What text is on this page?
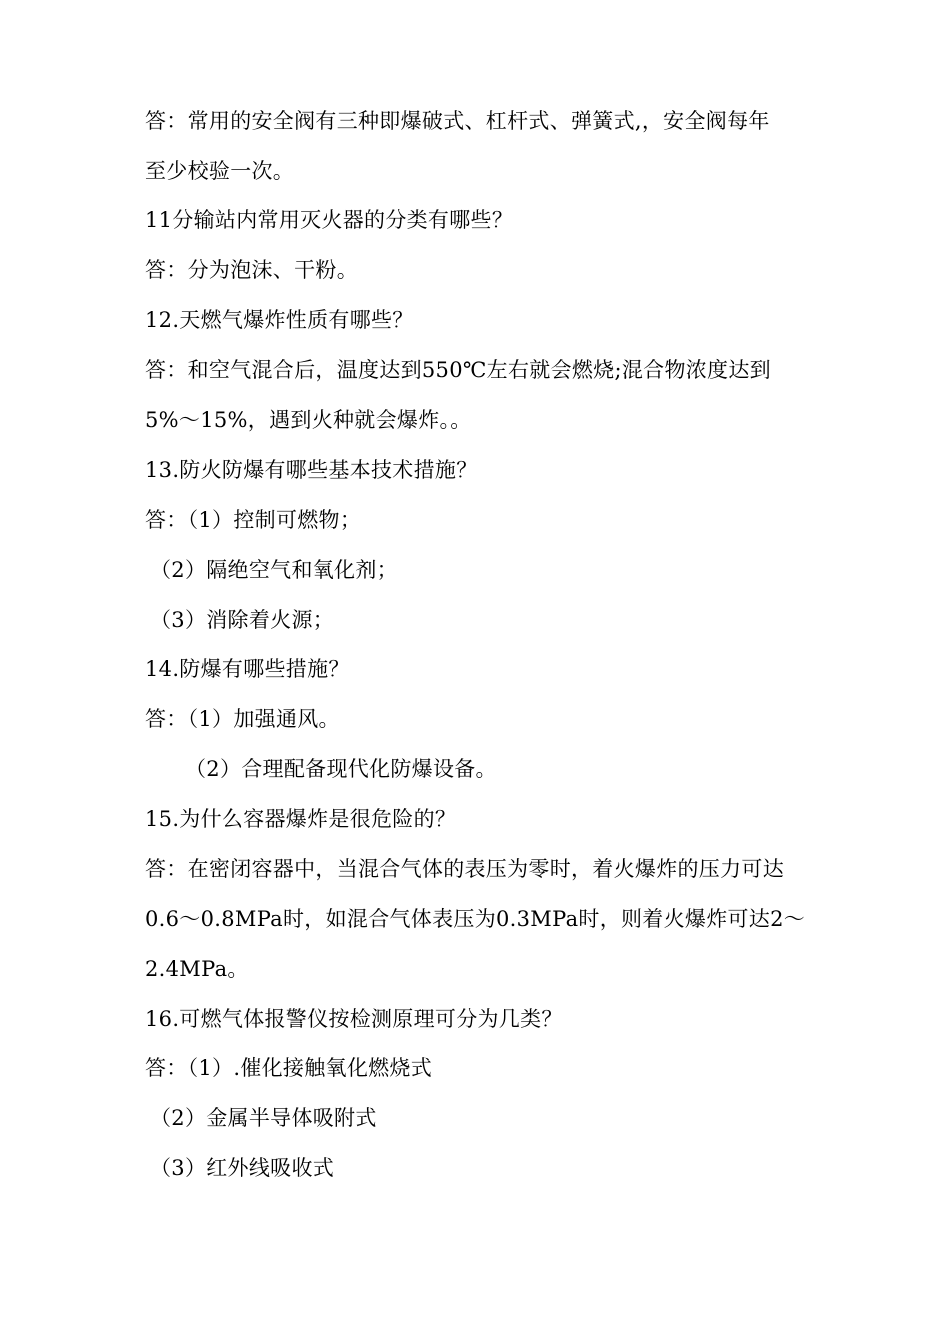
答：常用的安全阀有三种即爆破式、杠杆式、弹簧式,，安全阀每年
至少校验一次。
11分输站内常用灭火器的分类有哪些？
答：分为泡沫、干粉。
12.天燃气爆炸性质有哪些？
答：和空气混合后，温度达到550℃左右就会燃烧;混合物浓度达到
5%～15%，遇到火种就会爆炸。。
13.防火防爆有哪些基本技术措施？
答：（1）控制可燃物；
（2）隔绝空气和氧化剂；
（3）消除着火源；
14.防爆有哪些措施？
答：（1）加强通风。
（2）合理配备现代化防爆设备。
15.为什么容器爆炸是很危险的？
答：在密闭容器中，当混合气体的表压为零时，着火爆炸的压力可达
0.6～0.8MPa时，如混合气体表压为0.3MPa时，则着火爆炸可达2～
2.4MPa。
16.可燃气体报警仪按检测原理可分为几类？
答：（1）.催化接触氧化燃烧式
（2）金属半导体吸附式
（3）红外线吸收式
